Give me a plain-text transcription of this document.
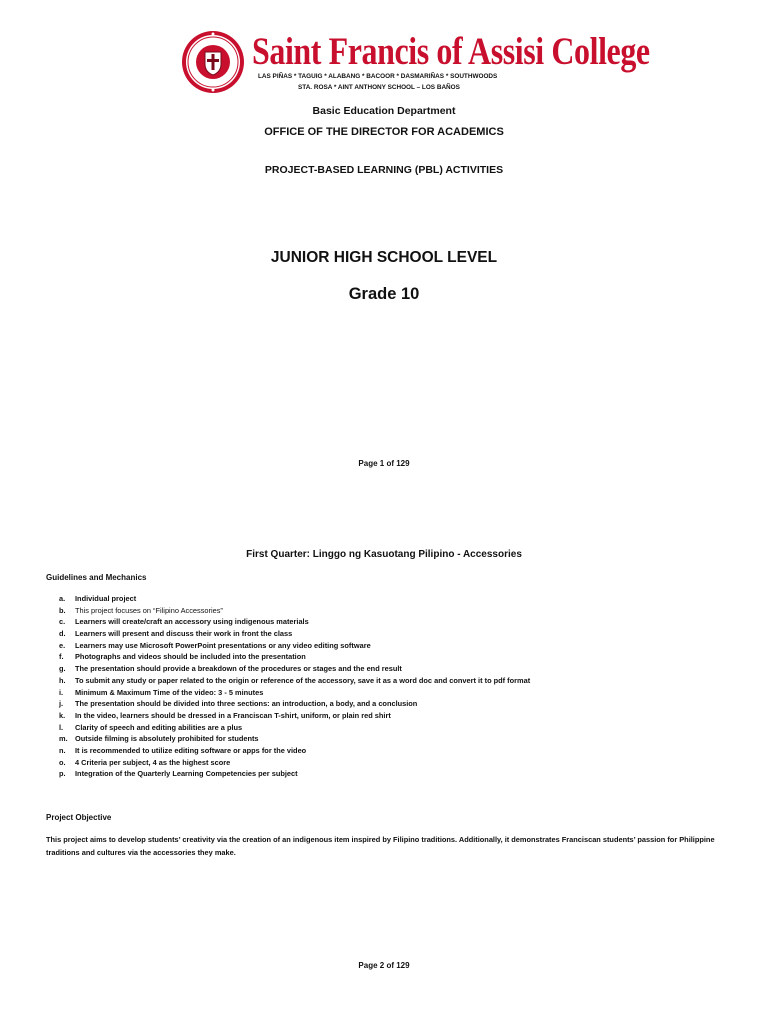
Saint Francis of Assisi College
LAS PIÑAS * TAGUIG * ALABANG * BACOOR * DASMARIÑAS * SOUTHWOODS
STA. ROSA * AINT ANTHONY SCHOOL – LOS BAÑOS
Basic Education Department
OFFICE OF THE DIRECTOR FOR ACADEMICS
PROJECT-BASED LEARNING (PBL) ACTIVITIES
JUNIOR HIGH SCHOOL LEVEL
Grade 10
Page 1 of 129
First Quarter: Linggo ng Kasuotang Pilipino - Accessories
Guidelines and Mechanics
a. Individual project
b. This project focuses on “Filipino Accessories”
c. Learners will create/craft an accessory using indigenous materials
d. Learners will present and discuss their work in front the class
e. Learners may use Microsoft PowerPoint presentations or any video editing software
f. Photographs and videos should be included into the presentation
g. The presentation should provide a breakdown of the procedures or stages and the end result
h. To submit any study or paper related to the origin or reference of the accessory, save it as a word doc and convert it to pdf format
i. Minimum & Maximum Time of the video: 3 - 5 minutes
j. The presentation should be divided into three sections: an introduction, a body, and a conclusion
k. In the video, learners should be dressed in a Franciscan T-shirt, uniform, or plain red shirt
l. Clarity of speech and editing abilities are a plus
m. Outside filming is absolutely prohibited for students
n. It is recommended to utilize editing software or apps for the video
o. 4 Criteria per subject, 4 as the highest score
p. Integration of the Quarterly Learning Competencies per subject
Project Objective
This project aims to develop students’ creativity via the creation of an indigenous item inspired by Filipino traditions. Additionally, it demonstrates Franciscan students’ passion for Philippine traditions and cultures via the accessories they make.
Page 2 of 129
